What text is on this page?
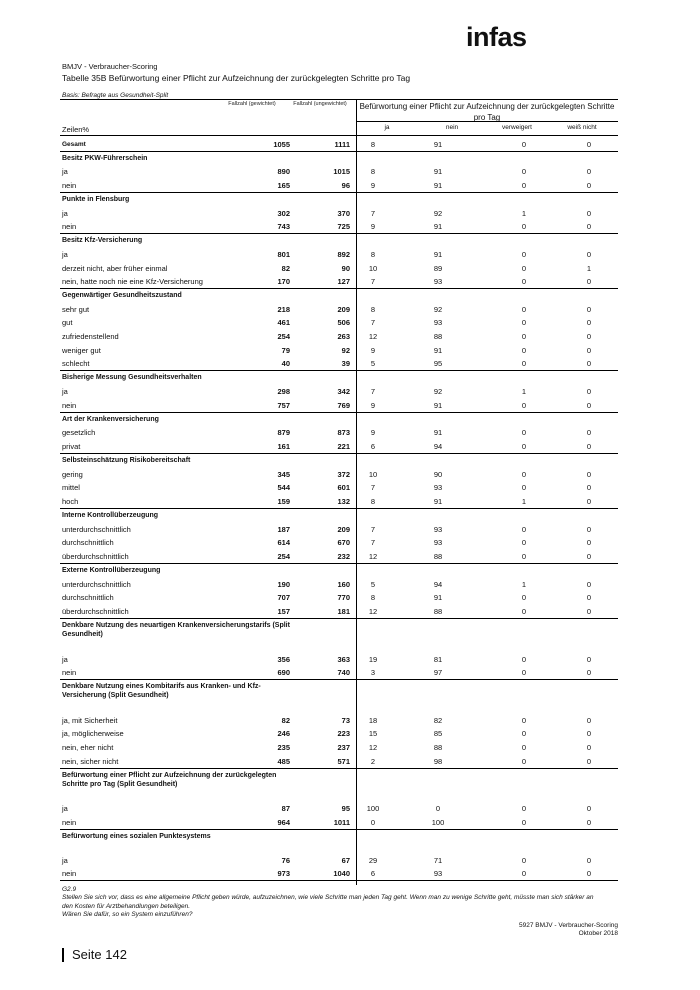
infas
BMJV - Verbraucher-Scoring
Tabelle 35B Befürwortung einer Pflicht zur Aufzeichnung der zurückgelegten Schritte pro Tag
Basis: Befragte aus Gesundheit-Split
Fallzahl (gewichtet)	Fallzahl (ungewichtet)	Befürwortung einer Pflicht zur Aufzeichnung der zurückgelegten Schritte pro Tag
Zeilen%	ja	nein	verweigert	weiß nicht
Gesamt	1055	1111	8	91	0	0
Besitz PKW-Führerschein
ja	890	1015	8	91	0	0
nein	165	96	9	91	0	0
Punkte in Flensburg
ja	302	370	7	92	1	0
nein	743	725	9	91	0	0
Besitz Kfz-Versicherung
ja	801	892	8	91	0	0
derzeit nicht, aber früher einmal	82	90	10	89	0	1
nein, hatte noch nie eine Kfz-Versicherung	170	127	7	93	0	0
Gegenwärtiger Gesundheitszustand
sehr gut	218	209	8	92	0	0
gut	461	506	7	93	0	0
zufriedenstellend	254	263	12	88	0	0
weniger gut	79	92	9	91	0	0
schlecht	40	39	5	95	0	0
Bisherige Messung Gesundheitsverhalten
ja	298	342	7	92	1	0
nein	757	769	9	91	0	0
Art der Krankenversicherung
gesetzlich	879	873	9	91	0	0
privat	161	221	6	94	0	0
Selbsteinschätzung Risikobereitschaft
gering	345	372	10	90	0	0
mittel	544	601	7	93	0	0
hoch	159	132	8	91	1	0
Interne Kontrollüberzeugung
unterdurchschnittlich	187	209	7	93	0	0
durchschnittlich	614	670	7	93	0	0
überdurchschnittlich	254	232	12	88	0	0
Externe Kontrollüberzeugung
unterdurchschnittlich	190	160	5	94	1	0
durchschnittlich	707	770	8	91	0	0
überdurchschnittlich	157	181	12	88	0	0
Denkbare Nutzung des neuartigen Krankenversicherungstarifs (Split Gesundheit)
ja	356	363	19	81	0	0
nein	690	740	3	97	0	0
Denkbare Nutzung eines Kombitarifs aus Kranken- und Kfz-Versicherung (Split Gesundheit)
ja, mit Sicherheit	82	73	18	82	0	0
ja, möglicherweise	246	223	15	85	0	0
nein, eher nicht	235	237	12	88	0	0
nein, sicher nicht	485	571	2	98	0	0
Befürwortung einer Pflicht zur Aufzeichnung der zurückgelegten Schritte pro Tag (Split Gesundheit)
ja	87	95	100	0	0	0
nein	964	1011	0	100	0	0
Befürwortung eines sozialen Punktesystems
ja	76	67	29	71	0	0
nein	973	1040	6	93	0	0
G2.9
Stellen Sie sich vor, dass es eine allgemeine Pflicht geben würde, aufzuzeichnen, wie viele Schritte man jeden Tag geht. Wenn man zu wenige Schritte geht, müsste man sich stärker an
den Kosten für Arztbehandlungen beteiligen.
Wären Sie dafür, so ein System einzuführen?
5927 BMJV - Verbraucher-Scoring
Oktober 2018
Seite 142
